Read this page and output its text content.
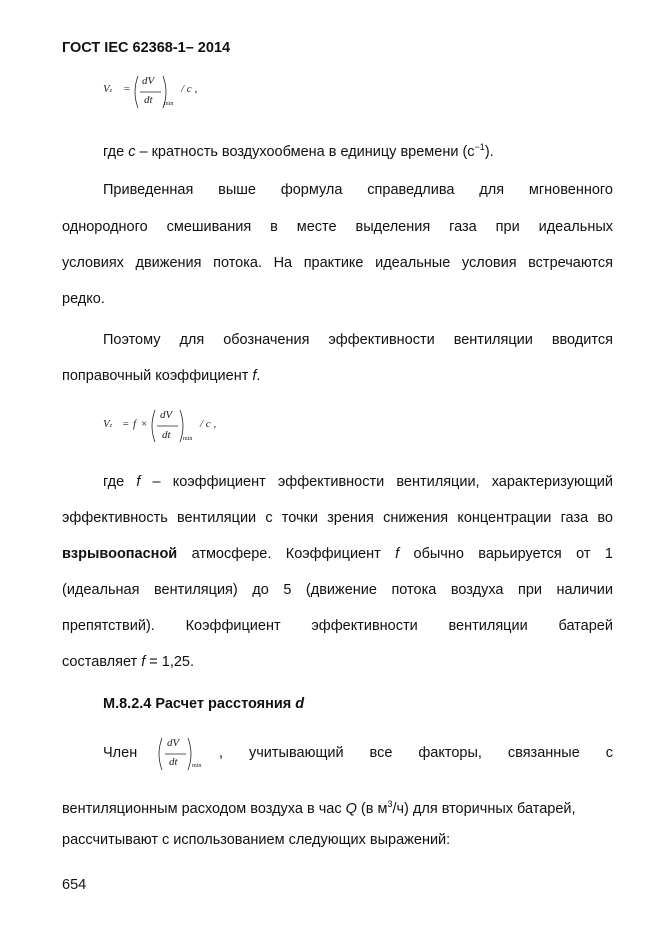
ГОСТ IEC 62368-1– 2014
Vz =
dV
dt min
/ c ,
где c – кратность воздухообмена в единицу времени $(с^{-1})$.
Приведенная выше формула справедлива для мгновенного
однородного смешивания в месте выделения газа при идеальных
условиях движения потока. На практике идеальные условия встречаются
редко.
Поэтому для обозначения эффективности вентиляции вводится
поправочный коэффициент f.
Vz = f ×
dV
dt min
/ c ,
где f – коэффициент эффективности вентиляции, характеризующий
эффективность вентиляции с точки зрения снижения концентрации газа во
взрывоопасной атмосфере. Коэффициент f обычно варьируется от 1
(идеальная вентиляция) до 5 (движение потока воздуха при наличии
препятствий). Коэффициент эффективности вентиляции батарей
составляет f = 1,25.
М.8.2.4 Расчет расстояния d
Член
dV
dt min
, учитывающий все факторы, связанные с
вентиляционным расходом воздуха в час Q (в $м^3/ч$) для вторичных батарей,
рассчитывают с использованием следующих выражений:
654
